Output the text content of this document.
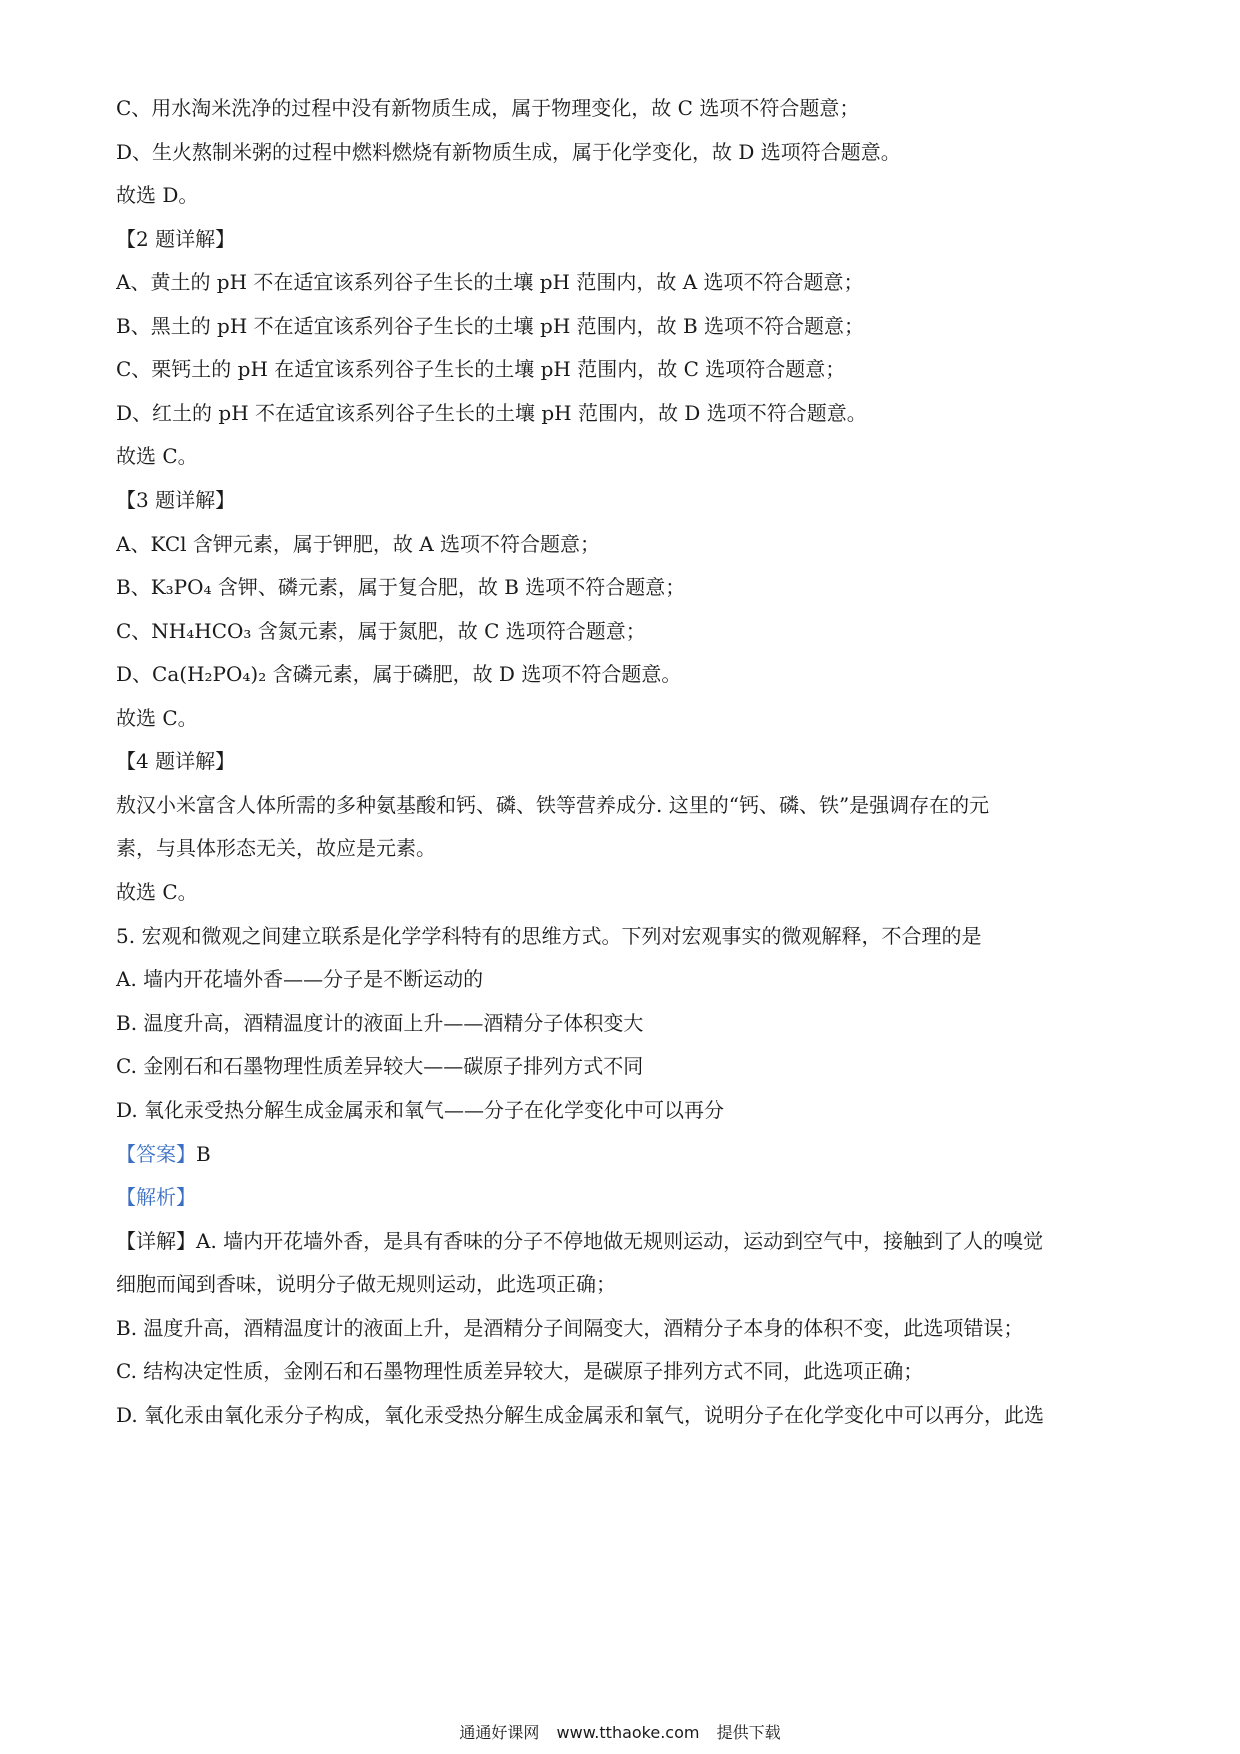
C、用水淘米洗净的过程中没有新物质生成，属于物理变化，故 C 选项不符合题意；
D、生火熬制米粥的过程中燃料燃烧有新物质生成，属于化学变化，故 D 选项符合题意。
故选 D。
【2 题详解】
A、黄土的 pH 不在适宜该系列谷子生长的土壤 pH 范围内，故 A 选项不符合题意；
B、黑土的 pH 不在适宜该系列谷子生长的土壤 pH 范围内，故 B 选项不符合题意；
C、栗钙土的 pH 在适宜该系列谷子生长的土壤 pH 范围内，故 C 选项符合题意；
D、红土的 pH 不在适宜该系列谷子生长的土壤 pH 范围内，故 D 选项不符合题意。
故选 C。
【3 题详解】
A、KCl 含钾元素，属于钾肥，故 A 选项不符合题意；
B、K₃PO₄ 含钾、磷元素，属于复合肥，故 B 选项不符合题意；
C、NH₄HCO₃ 含氮元素，属于氮肥，故 C 选项符合题意；
D、Ca(H₂PO₄)₂ 含磷元素，属于磷肥，故 D 选项不符合题意。
故选 C。
【4 题详解】
敖汉小米富含人体所需的多种氨基酸和钙、磷、铁等营养成分. 这里的“钙、磷、铁”是强调存在的元
素，与具体形态无关，故应是元素。
故选 C。
5. 宏观和微观之间建立联系是化学学科特有的思维方式。下列对宏观事实的微观解释，不合理的是
A. 墙内开花墙外香——分子是不断运动的
B. 温度升高，酒精温度计的液面上升——酒精分子体积变大
C. 金刚石和石墨物理性质差异较大——碳原子排列方式不同
D. 氧化汞受热分解生成金属汞和氧气——分子在化学变化中可以再分
【答案】B
【解析】
【详解】A. 墙内开花墙外香，是具有香味的分子不停地做无规则运动，运动到空气中，接触到了人的嗅觉
细胞而闻到香味，说明分子做无规则运动，此选项正确；
B. 温度升高，酒精温度计的液面上升，是酒精分子间隔变大，酒精分子本身的体积不变，此选项错误；
C. 结构决定性质，金刚石和石墨物理性质差异较大，是碳原子排列方式不同，此选项正确；
D. 氧化汞由氧化汞分子构成，氧化汞受热分解生成金属汞和氧气，说明分子在化学变化中可以再分，此选
通通好课网 www.tthaoke.com 提供下载
